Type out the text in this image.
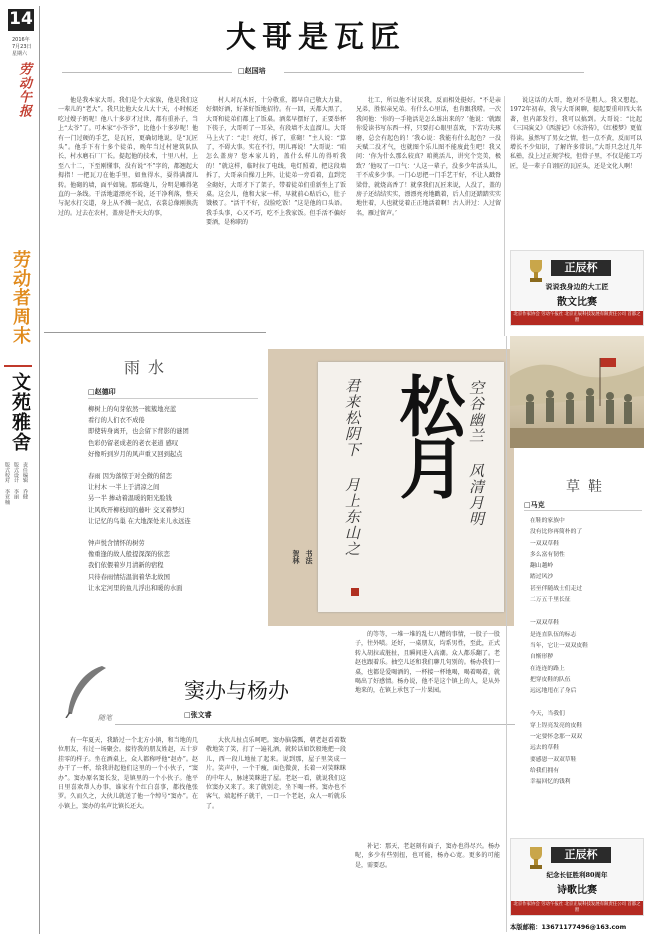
14
2016年
7月23日
星期六
劳动午报
劳动者周末
文苑雅舍
责任编辑 乔健
版式设计 李丽
版式校对 李亚楠
大哥是瓦匠
□赵国培

他是我本家大哥。我们是个大家族，他是我们这一辈儿的“老大”。我只比他大女儿大十天，小时候还吃过嫂子奶呢！他八十多岁才过世，都有重孙子，当上“太爷”了。可本家“小爷爷”，比他小十多岁呢！他有一门过硬的手艺，是瓦匠，更确切地说，是“瓦匠头”。他手下有十多个徒弟，晚年当过村建筑队队长，村水磨石厂厂长。提起他的技术，十里八村，上至八十二，下至刚懂事，没有说“不”字的，都翘起大拇指！一把瓦刀在他手里，如鱼得水，耍得满溜儿转。他砌的墙，面平如镜。那砖缝儿，分明是雕得笔直的一条线。干活地道漂亮不说，还干净利落，整天与泥水打交道，身上从不溅一泥点，衣裳总像刚换洗过的。过去在农村，盖房是件天大的事，

村人对瓦木匠，十分敬重，都早自己敬大力量，好烟好酒，好茶好饭地招待。有一回，天都大黑了，大哥和徒弟们都上了饭桌。酒菜早摆好了，正要举杯下筷子，大哥听了一耳朵，有段墙不太直溜儿。大哥马上火了：“走！亮灯，拆了，重砌！”主人说：“算了，不碍大事。实在不行，明儿再说！”大哥说：“咱怎么盖房？您本家儿的，盖什么样儿的得听我的！”就这样，临时拉了电线，电灯照着，把这段墙拆了，大哥亲自操刀上阵，让徒弟一旁看着，直到完全砌好，大哥才下了架子，带着徒弟们重新坐上了饭桌。这会儿，他和大家一样，早就前心贴后心，肚子饿极了。“活干不好，没脸吃饭！”这是他的口头语。我手头事，心又不巧，吃不上我家饭。但手活不偏好要酒，是称职的

壮工，所以他不讨厌我，反而相处挺好。“不是亲兄弟，胜似亲兄弟。有什么心里话，也肯跟我唠。一次我问他：‘你的一手艳活是怎么练出来的？’他说：‘就跟你爱读书写东西一样，只要打心眼里喜欢，下苦功夫琢磨，总会有起色的！’我心说：我能有什么起色？一没天赋二没才气，也就图个乐儿图不能废此生吧！我又问：‘你为什么那么较真？咱挑活儿，讲究个完美，极致？’他叹了一口气：‘人这一辈子，没多少年活头儿，干不成多少事。一门心思把一门手艺干好，不让人戳脊梁骨，就烧高香了！就拿我们瓦匠来说，人没了，盖的房子还结结实实，漂漂亮亮地戳着，后人们还踏踏实实地住着，人也就觉着正正地活着啊！古人讲过：人过留名，雁过留声。’

说这话的大哥，绝对不是粗人。我又想起，1972年初春，我与大哥闲聊，提起要重印四大名著，但内部发行，我可以搞到。大哥说：“比起《三国演义》《西游记》《水浒传》，《红楼梦》更值得读。虽然写了男女之情，但一点不黄，反而可以增长不少知识，了解许多常识。”大哥只念过几年私塾，没上过正规学校，但骨子里，不仅是能工巧匠，是一辈子自诩匠的瓦匠头，还是文化人啊！

正辰杯
说说我身边的大工匠
散文比赛
北京作家协会 劳动午报社 北京正辰科技发展有限责任公司 首都之窗
雨水
□赵德印
柳树上的旬芽依然一簇簇地亮蓝
看行的人们衣不成倦
即使转身离开，也会留下背影的谜团
色彩仍留老成老的老衣老道 感叹
好像听到岁月的风声重又回到起点
春雨 因为落惊于对全微的留恋
让村木 一半上于清凉之间
另一半 掺动着温暖的阳光脸钱
让风吹开柳枝间的藤叶 交叉着梦幻
让记忆的鸟巢 在大地深处来儿永远连
钟声悦含情怀的树劳
像重逢的故人般提深深的依恋
我们依偎着岁月清新的宿程
只待春雨情结温润着华北故国
让永定河里的鱼儿浮出和暖的水面
松月
君来松阴下 月上东山之	空谷幽兰 风清月明
贺林 书法
随笔
窦办与杨办
□张文睿

有一年夏天，我路过一个北方小镇，和当地的几位朋友，有过一场聚会。接待我的朋友姓赵，五十岁挂零的样子。坐在酒桌上，众人都称呼他“赵办”。赵办干了一杯，给我讲起他们这里的一个小伙子，“窦办”。窦办原名窦长发，是镇里的一个小伙子。他平日里喜欢帮人办事，谁家有个红白喜事，都找他张罗。久而久之，大伙儿就送了他一个绰号“窦办”。在小镇上，窦办的名声比镇长还大。

大伙儿扯点乐呵吧。窦办脑袋瓢，朝老赵看着数敬地笑了笑，打了一遍礼酒，就转话如饮般地把一段儿，西一段儿地扯了起来。说到那，屋子里笑成一片。笑声中，一个干瘦，面色微黄，长着一对笑眯眯的中年人，脉速笑眯进了屋。老赵一看，就说我们这位窦办又来了。来了就别走，坐下喝一杯。窦办也不客气，端起杯子就干，一口一个老赵，众人一听就乐了。

的等等，一堆一堆的乱七八糟的事情，一股子一股子，往外喷。还好，一桌朋友，均系男性，至此，正式转入胡拉或脏扯，且瞬间进入高潮。众人都乐翻了。老赵也跟着乐。抽空儿还和我们聊几句别的。杨办我们一桌，也都是爱喝酒的，一杯接一杯地喝，喝着喝着，就喝出了好感情。杨办说，他不是这个镇上的人，是从外地来的，在镇上承包了一片果园。

补记：那天，老赵刻有面子，窦办也得尽兴。杨办呢，多少有些别扭，也可能，杨办心宽。更多的可能是，需要忍。

草鞋
□马克
在鞋的家族中
没有比你再简朴的了
一双双草鞋
多么富有韧性
翻山越岭
踏过风沙
甚至伴随战士们走过
二万五千里长征
一双双草鞋
是连直队伍的标志
当年，它让一双双皮鞋
自惭形秽
在连连的路上
把穿皮鞋的队伍
远远地甩在了身后
今天，当我们
穿上锃亮发亮的皮鞋
一定要怀念那一双双
远去的草鞋
要感恩一双双草鞋
给我们拥有
幸福回忆的钱利
正辰杯
纪念长征胜利80周年
诗歌比赛
北京作家协会 劳动午报社 北京正辰科技发展有限责任公司 首都之窗
本版邮箱：13671177496@163.com
